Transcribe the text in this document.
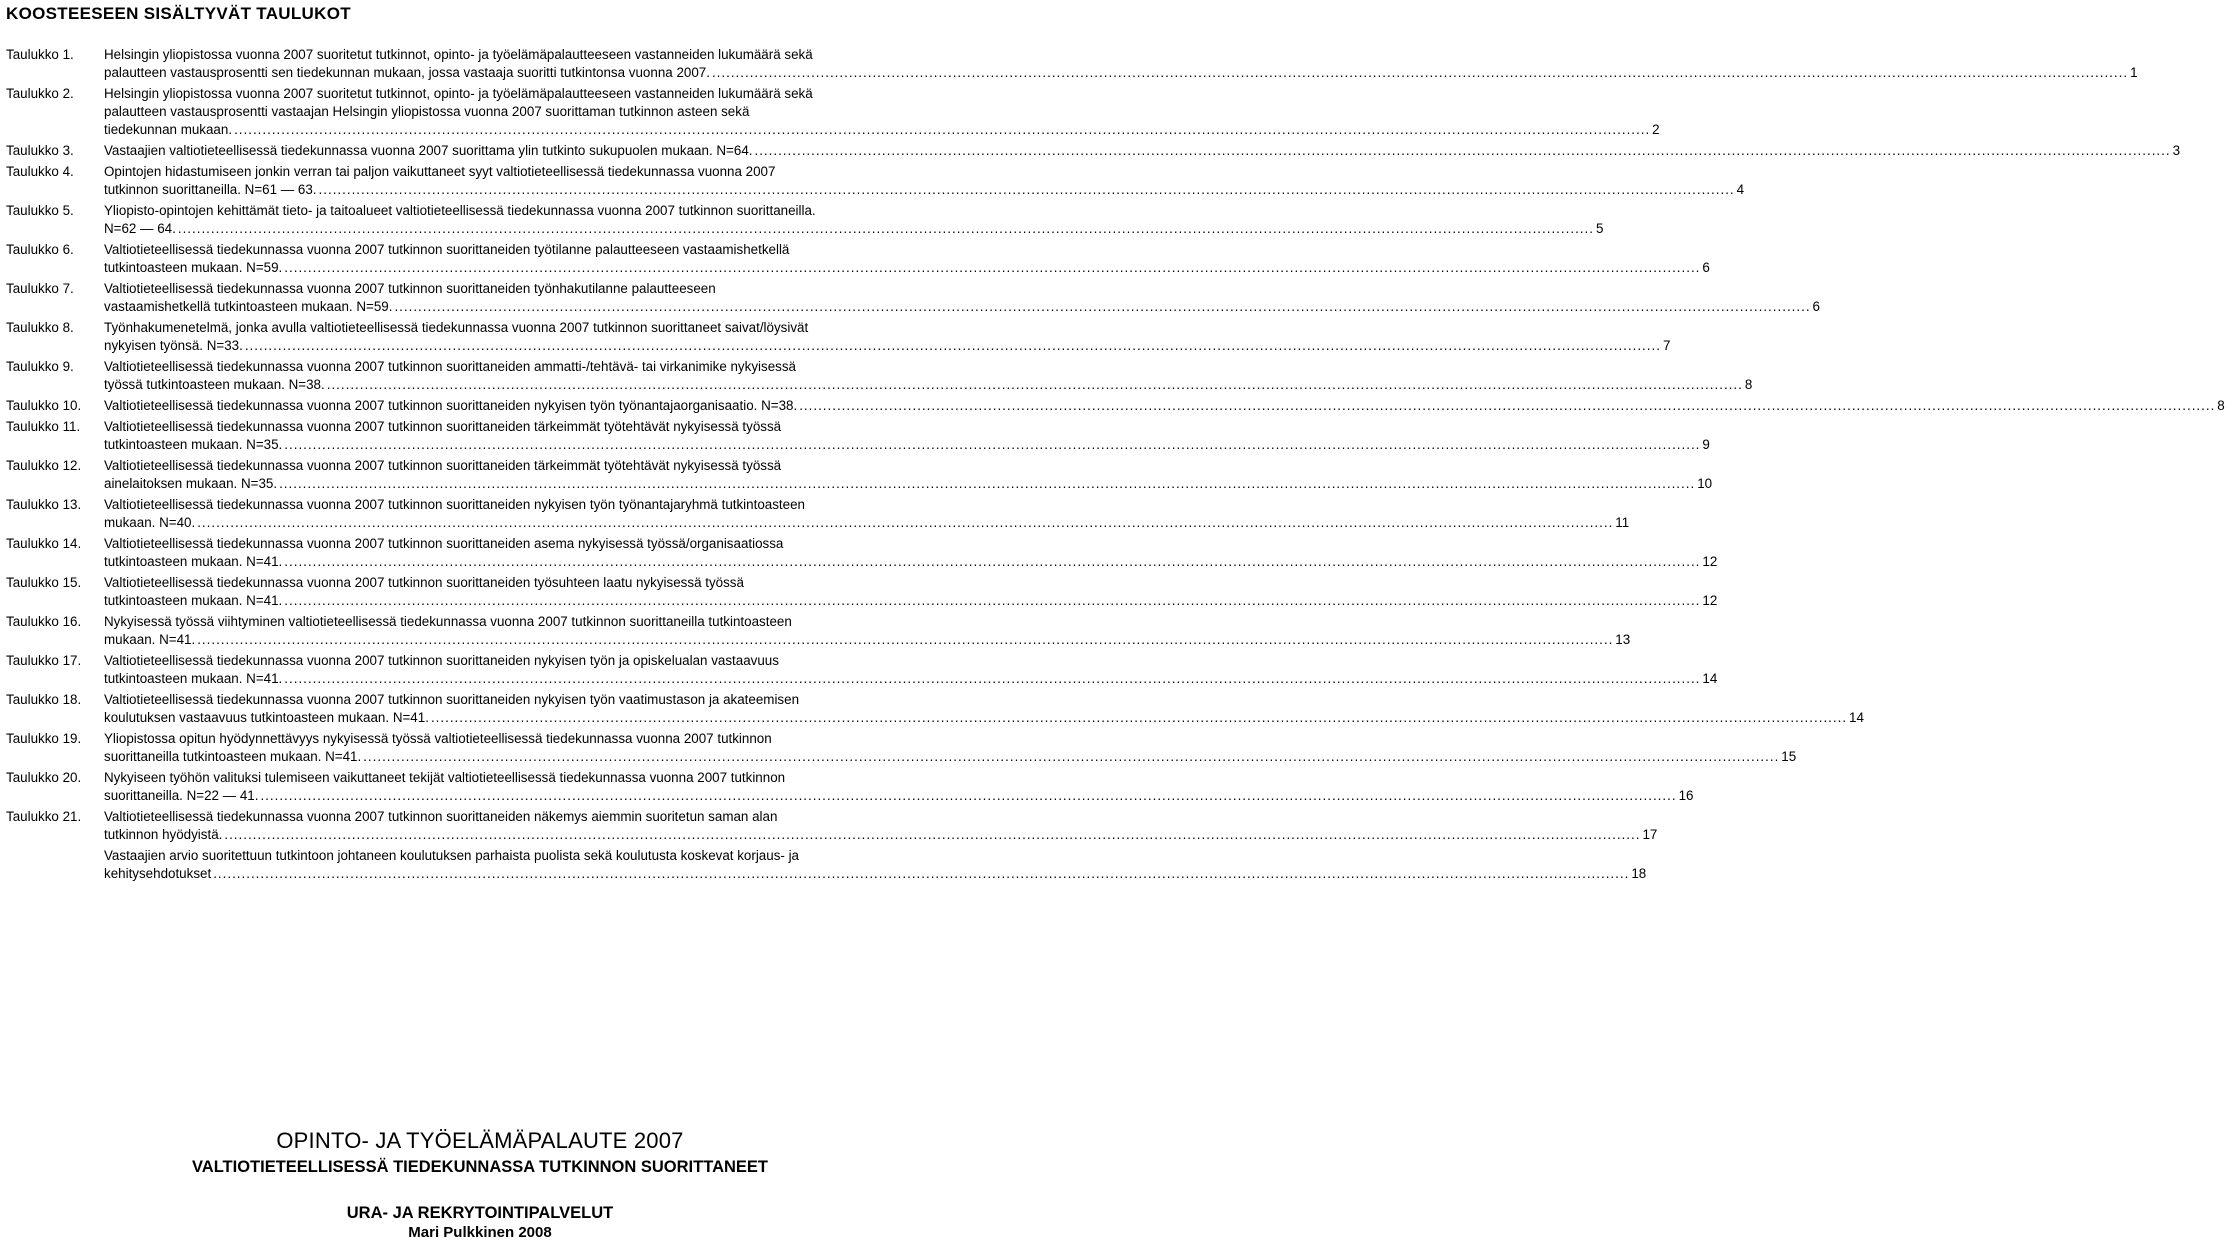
KOOSTEESEEN SISÄLTYVÄT TAULUKOT
Taulukko 1.	Helsingin yliopistossa vuonna 2007 suoritetut tutkinnot, opinto- ja työelämäpalautteeseen vastanneiden lukumäärä sekä
palautteen vastausprosentti sen tiedekunnan mukaan, jossa vastaaja suoritti tutkintonsa vuonna 2007. ............................................................................................................................................................................................................................................................................................................ 1
Taulukko 2.	Helsingin yliopistossa vuonna 2007 suoritetut tutkinnot, opinto- ja työelämäpalautteeseen vastanneiden lukumäärä sekä
palautteen vastausprosentti vastaajan Helsingin yliopistossa vuonna 2007 suorittaman tutkinnon asteen sekä
tiedekunnan mukaan. ............................................................................................................................................................................................................................................................................................................ 2
Taulukko 3.	Vastaajien valtiotieteellisessä tiedekunnassa vuonna 2007 suorittama ylin tutkinto sukupuolen mukaan. N=64. ............................................................................................................................................................................................................................................................................................................ 3
Taulukko 4.	Opintojen hidastumiseen jonkin verran tai paljon vaikuttaneet syyt valtiotieteellisessä tiedekunnassa vuonna 2007
tutkinnon suorittaneilla. N=61 — 63. ............................................................................................................................................................................................................................................................................................................ 4
Taulukko 5.	Yliopisto-opintojen kehittämät tieto- ja taitoalueet valtiotieteellisessä tiedekunnassa vuonna 2007 tutkinnon suorittaneilla.
N=62 — 64. ............................................................................................................................................................................................................................................................................................................ 5
Taulukko 6.	Valtiotieteellisessä tiedekunnassa vuonna 2007 tutkinnon suorittaneiden työtilanne palautteeseen vastaamishetkellä
tutkintoasteen mukaan. N=59. ............................................................................................................................................................................................................................................................................................................ 6
Taulukko 7.	Valtiotieteellisessä tiedekunnassa vuonna 2007 tutkinnon suorittaneiden työnhakutilanne palautteeseen
vastaamishetkellä tutkintoasteen mukaan. N=59. ............................................................................................................................................................................................................................................................................................................ 6
Taulukko 8.	Työnhakumenetelmä, jonka avulla valtiotieteellisessä tiedekunnassa vuonna 2007 tutkinnon suorittaneet saivat/löysivät
nykyisen työnsä. N=33. ............................................................................................................................................................................................................................................................................................................ 7
Taulukko 9.	Valtiotieteellisessä tiedekunnassa vuonna 2007 tutkinnon suorittaneiden ammatti-/tehtävä- tai virkanimike nykyisessä
työssä tutkintoasteen mukaan. N=38. ............................................................................................................................................................................................................................................................................................................ 8
Taulukko 10.	Valtiotieteellisessä tiedekunnassa vuonna 2007 tutkinnon suorittaneiden nykyisen työn työnantajaorganisaatio. N=38. ............................................................................................................................................................................................................................................................................................................ 8
Taulukko 11.	Valtiotieteellisessä tiedekunnassa vuonna 2007 tutkinnon suorittaneiden tärkeimmät työtehtävät nykyisessä työssä
tutkintoasteen mukaan. N=35. ............................................................................................................................................................................................................................................................................................................ 9
Taulukko 12.	Valtiotieteellisessä tiedekunnassa vuonna 2007 tutkinnon suorittaneiden tärkeimmät työtehtävät nykyisessä työssä
ainelaitoksen mukaan. N=35. ............................................................................................................................................................................................................................................................................................................ 10
Taulukko 13.	Valtiotieteellisessä tiedekunnassa vuonna 2007 tutkinnon suorittaneiden nykyisen työn työnantajaryhmä tutkintoasteen
mukaan. N=40. ............................................................................................................................................................................................................................................................................................................ 11
Taulukko 14.	Valtiotieteellisessä tiedekunnassa vuonna 2007 tutkinnon suorittaneiden asema nykyisessä työssä/organisaatiossa
tutkintoasteen mukaan. N=41. ............................................................................................................................................................................................................................................................................................................ 12
Taulukko 15.	Valtiotieteellisessä tiedekunnassa vuonna 2007 tutkinnon suorittaneiden työsuhteen laatu nykyisessä työssä
tutkintoasteen mukaan. N=41. ............................................................................................................................................................................................................................................................................................................ 12
Taulukko 16.	Nykyisessä työssä viihtyminen valtiotieteellisessä tiedekunnassa vuonna 2007 tutkinnon suorittaneilla tutkintoasteen
mukaan. N=41. ............................................................................................................................................................................................................................................................................................................ 13
Taulukko 17.	Valtiotieteellisessä tiedekunnassa vuonna 2007 tutkinnon suorittaneiden nykyisen työn ja opiskelualan vastaavuus
tutkintoasteen mukaan. N=41. ............................................................................................................................................................................................................................................................................................................ 14
Taulukko 18.	Valtiotieteellisessä tiedekunnassa vuonna 2007 tutkinnon suorittaneiden nykyisen työn vaatimustason ja akateemisen
koulutuksen vastaavuus tutkintoasteen mukaan. N=41. ............................................................................................................................................................................................................................................................................................................ 14
Taulukko 19.	Yliopistossa opitun hyödynnettävyys nykyisessä työssä valtiotieteellisessä tiedekunnassa vuonna 2007 tutkinnon
suorittaneilla tutkintoasteen mukaan. N=41. ............................................................................................................................................................................................................................................................................................................ 15
Taulukko 20.	Nykyiseen työhön valituksi tulemiseen vaikuttaneet tekijät valtiotieteellisessä tiedekunnassa vuonna 2007 tutkinnon
suorittaneilla. N=22 — 41. ............................................................................................................................................................................................................................................................................................................ 16
Taulukko 21.	Valtiotieteellisessä tiedekunnassa vuonna 2007 tutkinnon suorittaneiden näkemys aiemmin suoritetun saman alan
tutkinnon hyödyistä. ............................................................................................................................................................................................................................................................................................................ 17
Vastaajien arvio suoritettuun tutkintoon johtaneen koulutuksen parhaista puolista sekä koulutusta koskevat korjaus- ja
kehitysehdotukset ............................................................................................................................................................................................................................................................................................................ 18
OPINTO- JA TYÖELÄMÄPALAUTE 2007
VALTIOTIETEELLISESSÄ TIEDEKUNNASSA TUTKINNON SUORITTANEET
URA- JA REKRYTOINTIPALVELUT
Mari Pulkkinen 2008
